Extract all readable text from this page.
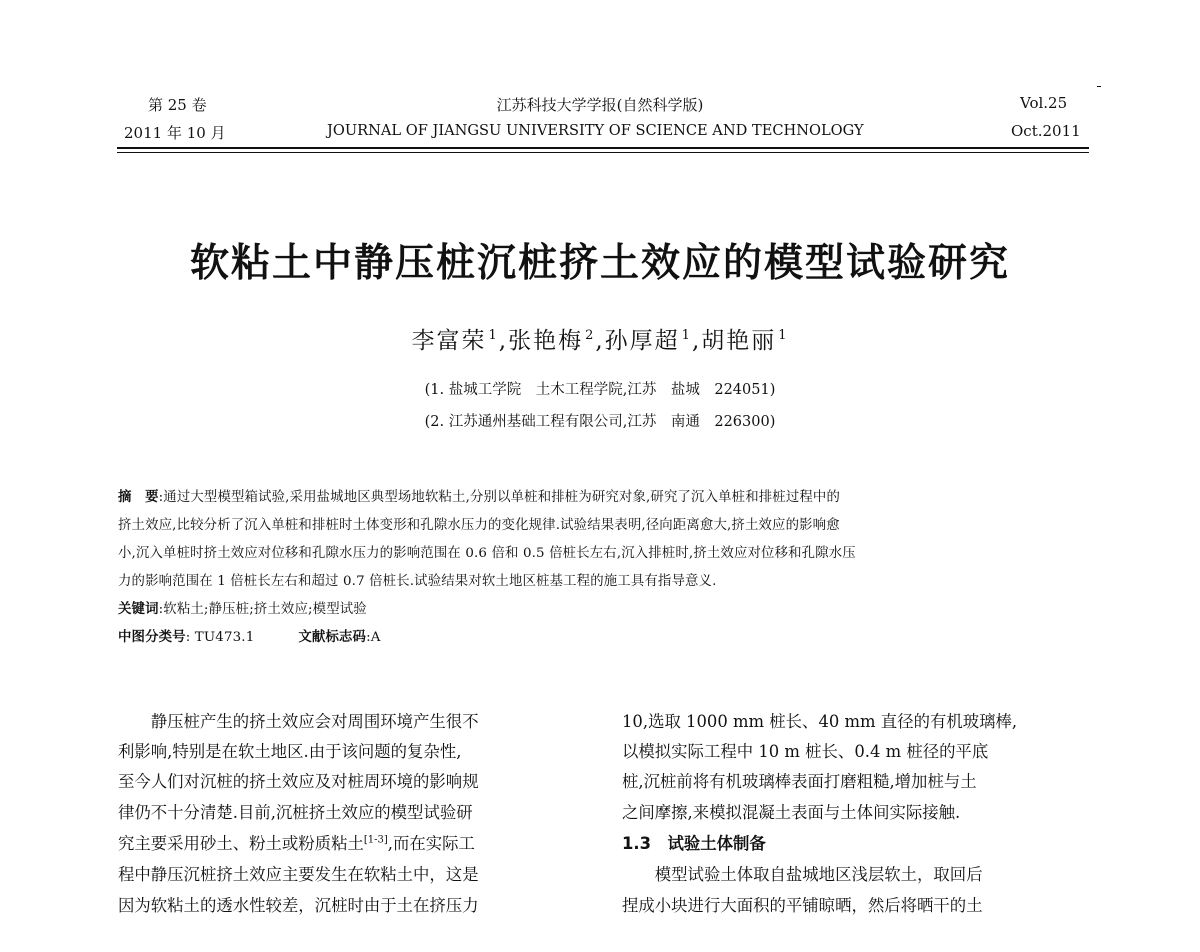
第 25 卷
2011 年 10 月
江苏科技大学学报(自然科学版)
JOURNAL OF JIANGSU UNIVERSITY OF SCIENCE AND TECHNOLOGY
Vol.25
Oct.2011
软粘土中静压桩沉桩挤土效应的模型试验研究
李富荣 $^1$,张艳梅 $^2$,孙厚超 $^1$,胡艳丽 $^1$
(1. 盐城工学院　土木工程学院,江苏　盐城　224051)
(2. 江苏通州基础工程有限公司,江苏　南通　226300)
摘　要:通过大型模型箱试验,采用盐城地区典型场地软粘土,分别以单桩和排桩为研究对象,研究了沉入单桩和排桩过程中的
挤土效应,比较分析了沉入单桩和排桩时土体变形和孔隙水压力的变化规律.试验结果表明,径向距离愈大,挤土效应的影响愈
小,沉入单桩时挤土效应对位移和孔隙水压力的影响范围在 0.6 倍和 0.5 倍桩长左右,沉入排桩时,挤土效应对位移和孔隙水压
力的影响范围在 1 倍桩长左右和超过 0.7 倍桩长.试验结果对软土地区桩基工程的施工具有指导意义.
关键词:软粘土;静压桩;挤土效应;模型试验
中图分类号: TU473.1	文献标志码:A
　　静压桩产生的挤土效应会对周围环境产生很不
利影响,特别是在软土地区.由于该问题的复杂性,
至今人们对沉桩的挤土效应及对桩周环境的影响规
律仍不十分清楚.目前,沉桩挤土效应的模型试验研
究主要采用砂土、粉土或粉质粘土[1-3],而在实际工
程中静压沉桩挤土效应主要发生在软粘土中，这是
因为软粘土的透水性较差，沉桩时由于土在挤压力
10,选取 1000 mm 桩长、40 mm 直径的有机玻璃棒,
以模拟实际工程中 10 m 桩长、0.4 m 桩径的平底
桩,沉桩前将有机玻璃棒表面打磨粗糙,增加桩与土
之间摩擦,来模拟混凝土表面与土体间实际接触.
1.3　 试验土体制备
　　模型试验土体取自盐城地区浅层软土，取回后
捏成小块进行大面积的平铺晾晒，然后将晒干的土
